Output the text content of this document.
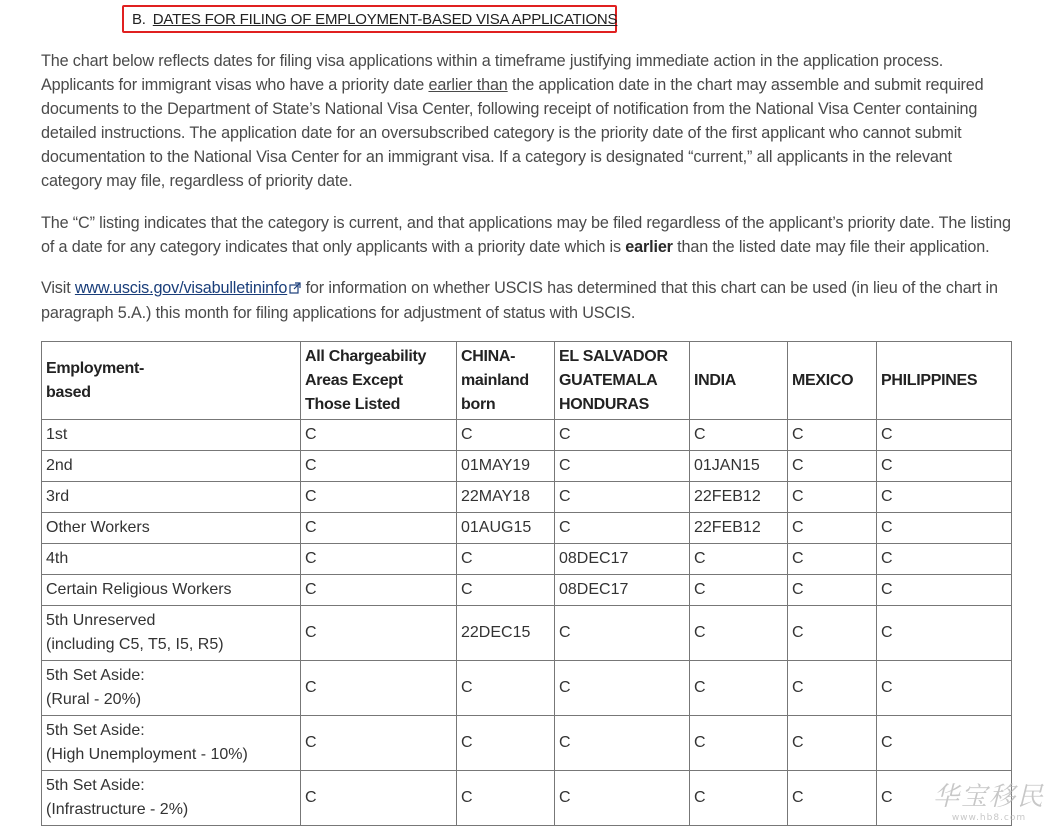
B. DATES FOR FILING OF EMPLOYMENT-BASED VISA APPLICATIONS

The chart below reflects dates for filing visa applications within a timeframe justifying immediate action in the application process. Applicants for immigrant visas who have a priority date earlier than the application date in the chart may assemble and submit required documents to the Department of State’s National Visa Center, following receipt of notification from the National Visa Center containing detailed instructions. The application date for an oversubscribed category is the priority date of the first applicant who cannot submit documentation to the National Visa Center for an immigrant visa. If a category is designated “current,” all applicants in the relevant category may file, regardless of priority date.

The “C” listing indicates that the category is current, and that applications may be filed regardless of the applicant’s priority date. The listing of a date for any category indicates that only applicants with a priority date which is earlier than the listed date may file their application.

Visit www.uscis.gov/visabulletininfo for information on whether USCIS has determined that this chart can be used (in lieu of the chart in paragraph 5.A.) this month for filing applications for adjustment of status with USCIS.

Employment-
based	All Chargeability
Areas Except
Those Listed	CHINA-
mainland
born	EL SALVADOR
GUATEMALA
HONDURAS	INDIA	MEXICO	PHILIPPINES

1st	C	C	C	C	C	C

2nd	C	01MAY19	C	01JAN15	C	C

3rd	C	22MAY18	C	22FEB12	C	C

Other Workers	C	01AUG15	C	22FEB12	C	C

4th	C	C	08DEC17	C	C	C

Certain Religious Workers	C	C	08DEC17	C	C	C

5th Unreserved
(including C5, T5, I5, R5)	C	22DEC15	C	C	C	C

5th Set Aside:
(Rural - 20%)	C	C	C	C	C	C

5th Set Aside:
(High Unemployment - 10%)	C	C	C	C	C	C

5th Set Aside:
(Infrastructure - 2%)	C	C	C	C	C	C 华宝移民
www.hb8.com
